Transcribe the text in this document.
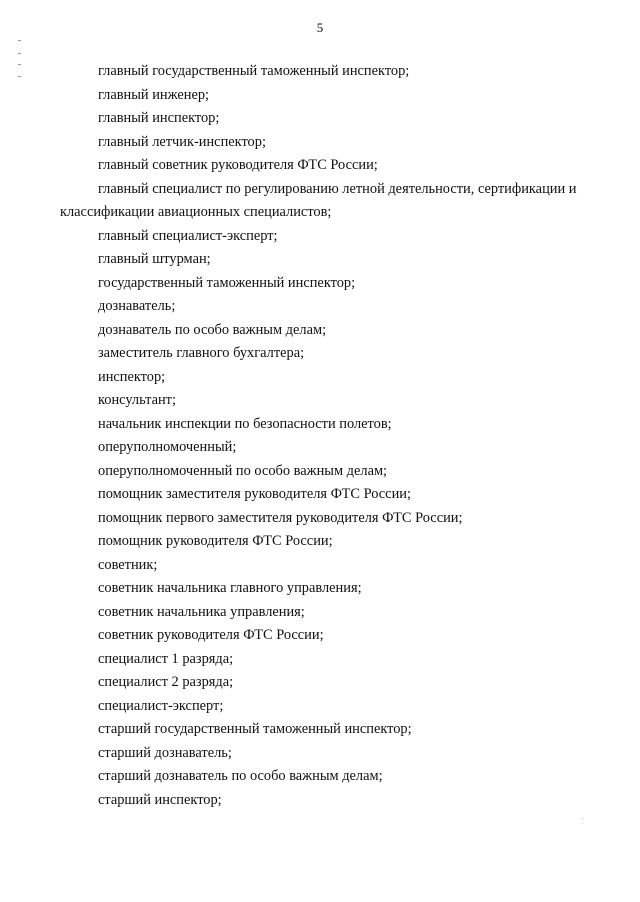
5
главный государственный таможенный инспектор;
главный инженер;
главный инспектор;
главный летчик-инспектор;
главный советник руководителя ФТС России;
главный специалист по регулированию летной деятельности, сертификации и классификации авиационных специалистов;
главный специалист-эксперт;
главный штурман;
государственный таможенный инспектор;
дознаватель;
дознаватель по особо важным делам;
заместитель главного бухгалтера;
инспектор;
консультант;
начальник инспекции по безопасности полетов;
оперуполномоченный;
оперуполномоченный по особо важным делам;
помощник заместителя руководителя ФТС России;
помощник первого заместителя руководителя ФТС России;
помощник руководителя ФТС России;
советник;
советник начальника главного управления;
советник начальника управления;
советник руководителя ФТС России;
специалист 1 разряда;
специалист 2 разряда;
специалист-эксперт;
старший государственный таможенный инспектор;
старший дознаватель;
старший дознаватель по особо важным делам;
старший инспектор;
